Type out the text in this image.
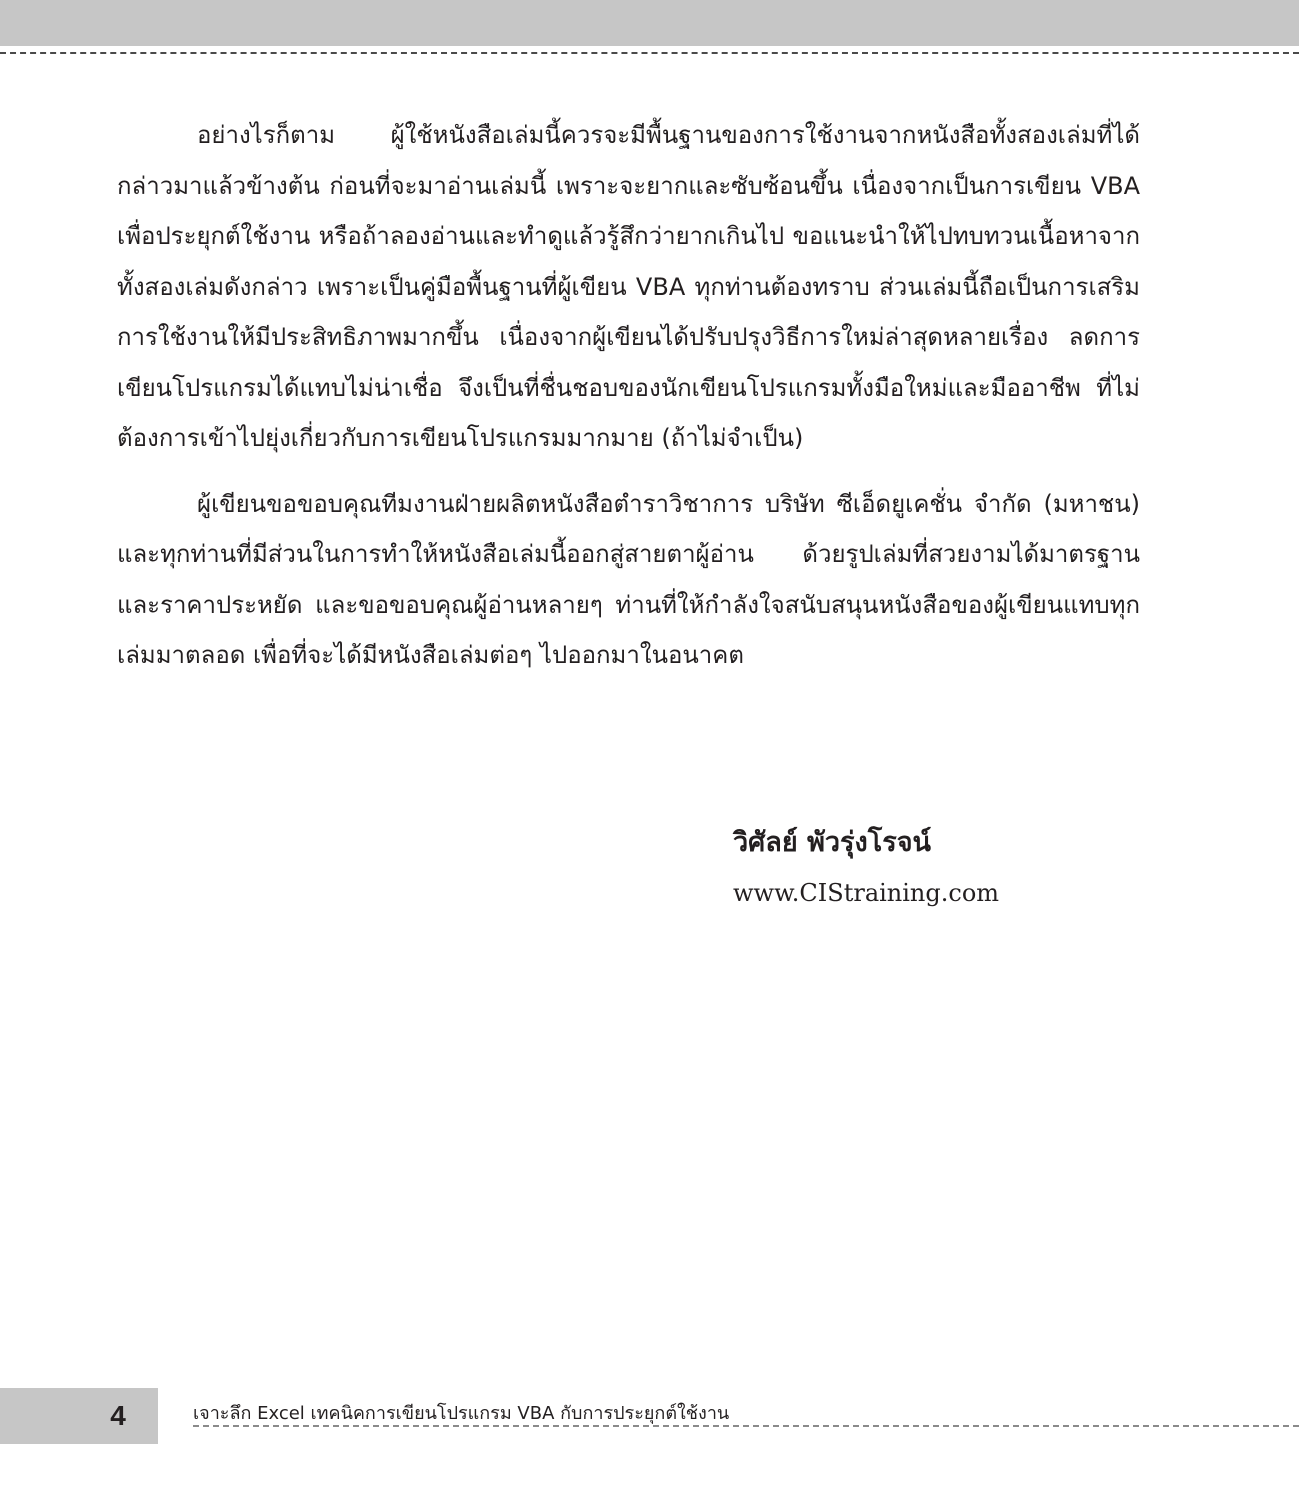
อย่างไรก็ตาม ผู้ใช้หนังสือเล่มนี้ควรจะมีพื้นฐานของการใช้งานจากหนังสือทั้งสองเล่มที่ได้กล่าวมาแล้วข้างต้น ก่อนที่จะมาอ่านเล่มนี้ เพราะจะยากและซับซ้อนขึ้น เนื่องจากเป็นการเขียน VBA เพื่อประยุกต์ใช้งาน หรือถ้าลองอ่านและทำดูแล้วรู้สึกว่ายากเกินไป ขอแนะนำให้ไปทบทวนเนื้อหาจากทั้งสองเล่มดังกล่าว เพราะเป็นคู่มือพื้นฐานที่ผู้เขียน VBA ทุกท่านต้องทราบ ส่วนเล่มนี้ถือเป็นการเสริมการใช้งานให้มีประสิทธิภาพมากขึ้น เนื่องจากผู้เขียนได้ปรับปรุงวิธีการใหม่ล่าสุดหลายเรื่อง ลดการเขียนโปรแกรมได้แทบไม่น่าเชื่อ จึงเป็นที่ชื่นชอบของนักเขียนโปรแกรมทั้งมือใหม่และมืออาชีพ ที่ไม่ต้องการเข้าไปยุ่งเกี่ยวกับการเขียนโปรแกรมมากมาย (ถ้าไม่จำเป็น)

ผู้เขียนขอขอบคุณทีมงานฝ่ายผลิตหนังสือตำราวิชาการ บริษัท ซีเอ็ดยูเคชั่น จำกัด (มหาชน) และทุกท่านที่มีส่วนในการทำให้หนังสือเล่มนี้ออกสู่สายตาผู้อ่าน ด้วยรูปเล่มที่สวยงามได้มาตรฐาน และราคาประหยัด และขอขอบคุณผู้อ่านหลายๆ ท่านที่ให้กำลังใจสนับสนุนหนังสือของผู้เขียนแทบทุกเล่มมาตลอด เพื่อที่จะได้มีหนังสือเล่มต่อๆ ไปออกมาในอนาคต

วิศัลย์ พัวรุ่งโรจน์
www.CIStraining.com
4	เจาะลึก Excel เทคนิคการเขียนโปรแกรม VBA กับการประยุกต์ใช้งาน
